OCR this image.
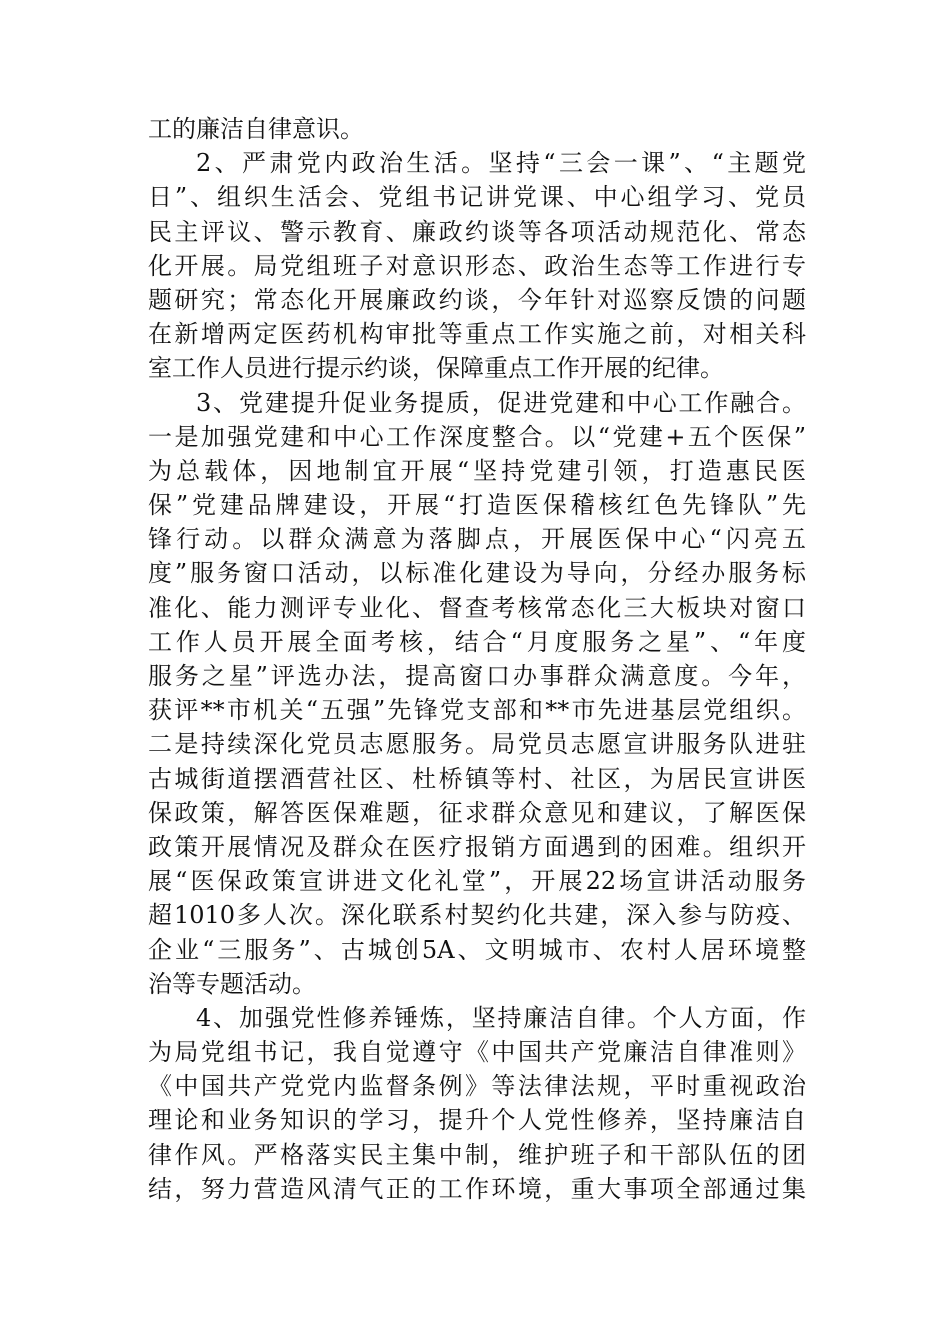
工的廉洁自律意识。
2、严肃党内政治生活。坚持“三会一课”、“主题党
日”、组织生活会、党组书记讲党课、中心组学习、党员
民主评议、警示教育、廉政约谈等各项活动规范化、常态
化开展。局党组班子对意识形态、政治生态等工作进行专
题研究；常态化开展廉政约谈，今年针对巡察反馈的问题
在新增两定医药机构审批等重点工作实施之前，对相关科
室工作人员进行提示约谈，保障重点工作开展的纪律。
3、党建提升促业务提质，促进党建和中心工作融合。
一是加强党建和中心工作深度整合。以“党建+五个医保”
为总载体，因地制宜开展“坚持党建引领，打造惠民医
保”党建品牌建设，开展“打造医保稽核红色先锋队”先
锋行动。以群众满意为落脚点，开展医保中心“闪亮五
度”服务窗口活动，以标准化建设为导向，分经办服务标
准化、能力测评专业化、督查考核常态化三大板块对窗口
工作人员开展全面考核，结合“月度服务之星”、“年度
服务之星”评选办法，提高窗口办事群众满意度。今年，
获评**市机关“五强”先锋党支部和**市先进基层党组织。
二是持续深化党员志愿服务。局党员志愿宣讲服务队进驻
古城街道摆酒营社区、杜桥镇等村、社区，为居民宣讲医
保政策，解答医保难题，征求群众意见和建议，了解医保
政策开展情况及群众在医疗报销方面遇到的困难。组织开
展“医保政策宣讲进文化礼堂”，开展22场宣讲活动服务
超1010多人次。深化联系村契约化共建，深入参与防疫、
企业“三服务”、古城创5A、文明城市、农村人居环境整
治等专题活动。
4、加强党性修养锤炼，坚持廉洁自律。个人方面，作
为局党组书记，我自觉遵守《中国共产党廉洁自律准则》
《中国共产党党内监督条例》等法律法规，平时重视政治
理论和业务知识的学习，提升个人党性修养，坚持廉洁自
律作风。严格落实民主集中制，维护班子和干部队伍的团
结，努力营造风清气正的工作环境，重大事项全部通过集
